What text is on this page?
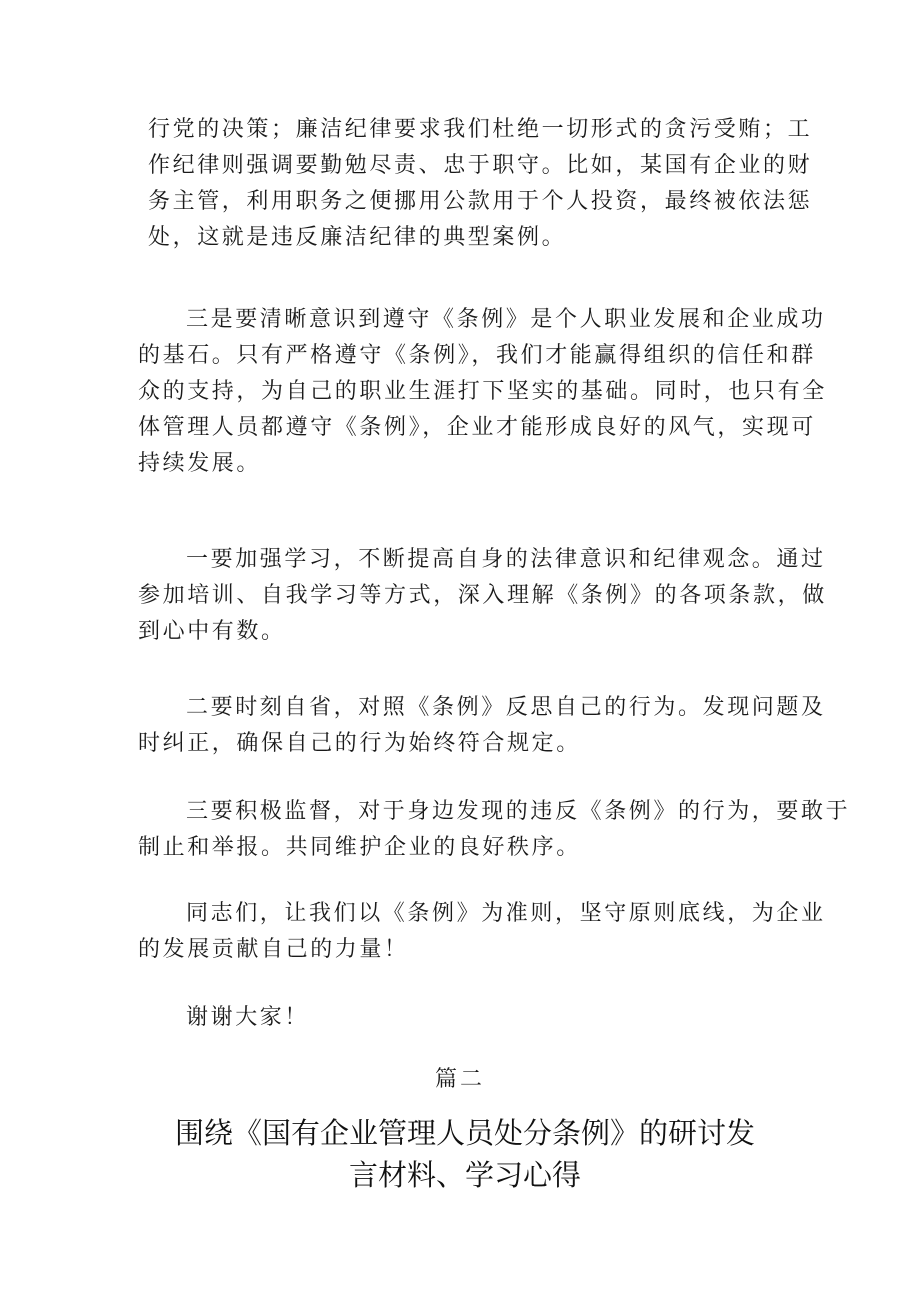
行党的决策；廉洁纪律要求我们杜绝一切形式的贪污受贿；工
作纪律则强调要勤勉尽责、忠于职守。比如，某国有企业的财
务主管，利用职务之便挪用公款用于个人投资，最终被依法惩
处，这就是违反廉洁纪律的典型案例。

三是要清晰意识到遵守《条例》是个人职业发展和企业成功
的基石。只有严格遵守《条例》，我们才能赢得组织的信任和群
众的支持，为自己的职业生涯打下坚实的基础。同时，也只有全
体管理人员都遵守《条例》，企业才能形成良好的风气，实现可
持续发展。

一要加强学习，不断提高自身的法律意识和纪律观念。通过
参加培训、自我学习等方式，深入理解《条例》的各项条款，做
到心中有数。

二要时刻自省，对照《条例》反思自己的行为。发现问题及
时纠正，确保自己的行为始终符合规定。

三要积极监督，对于身边发现的违反《条例》的行为，要敢于
制止和举报。共同维护企业的良好秩序。

同志们，让我们以《条例》为准则，坚守原则底线，为企业
的发展贡献自己的力量！

谢谢大家！

篇二
围绕《国有企业管理人员处分条例》的研讨发
言材料、学习心得
